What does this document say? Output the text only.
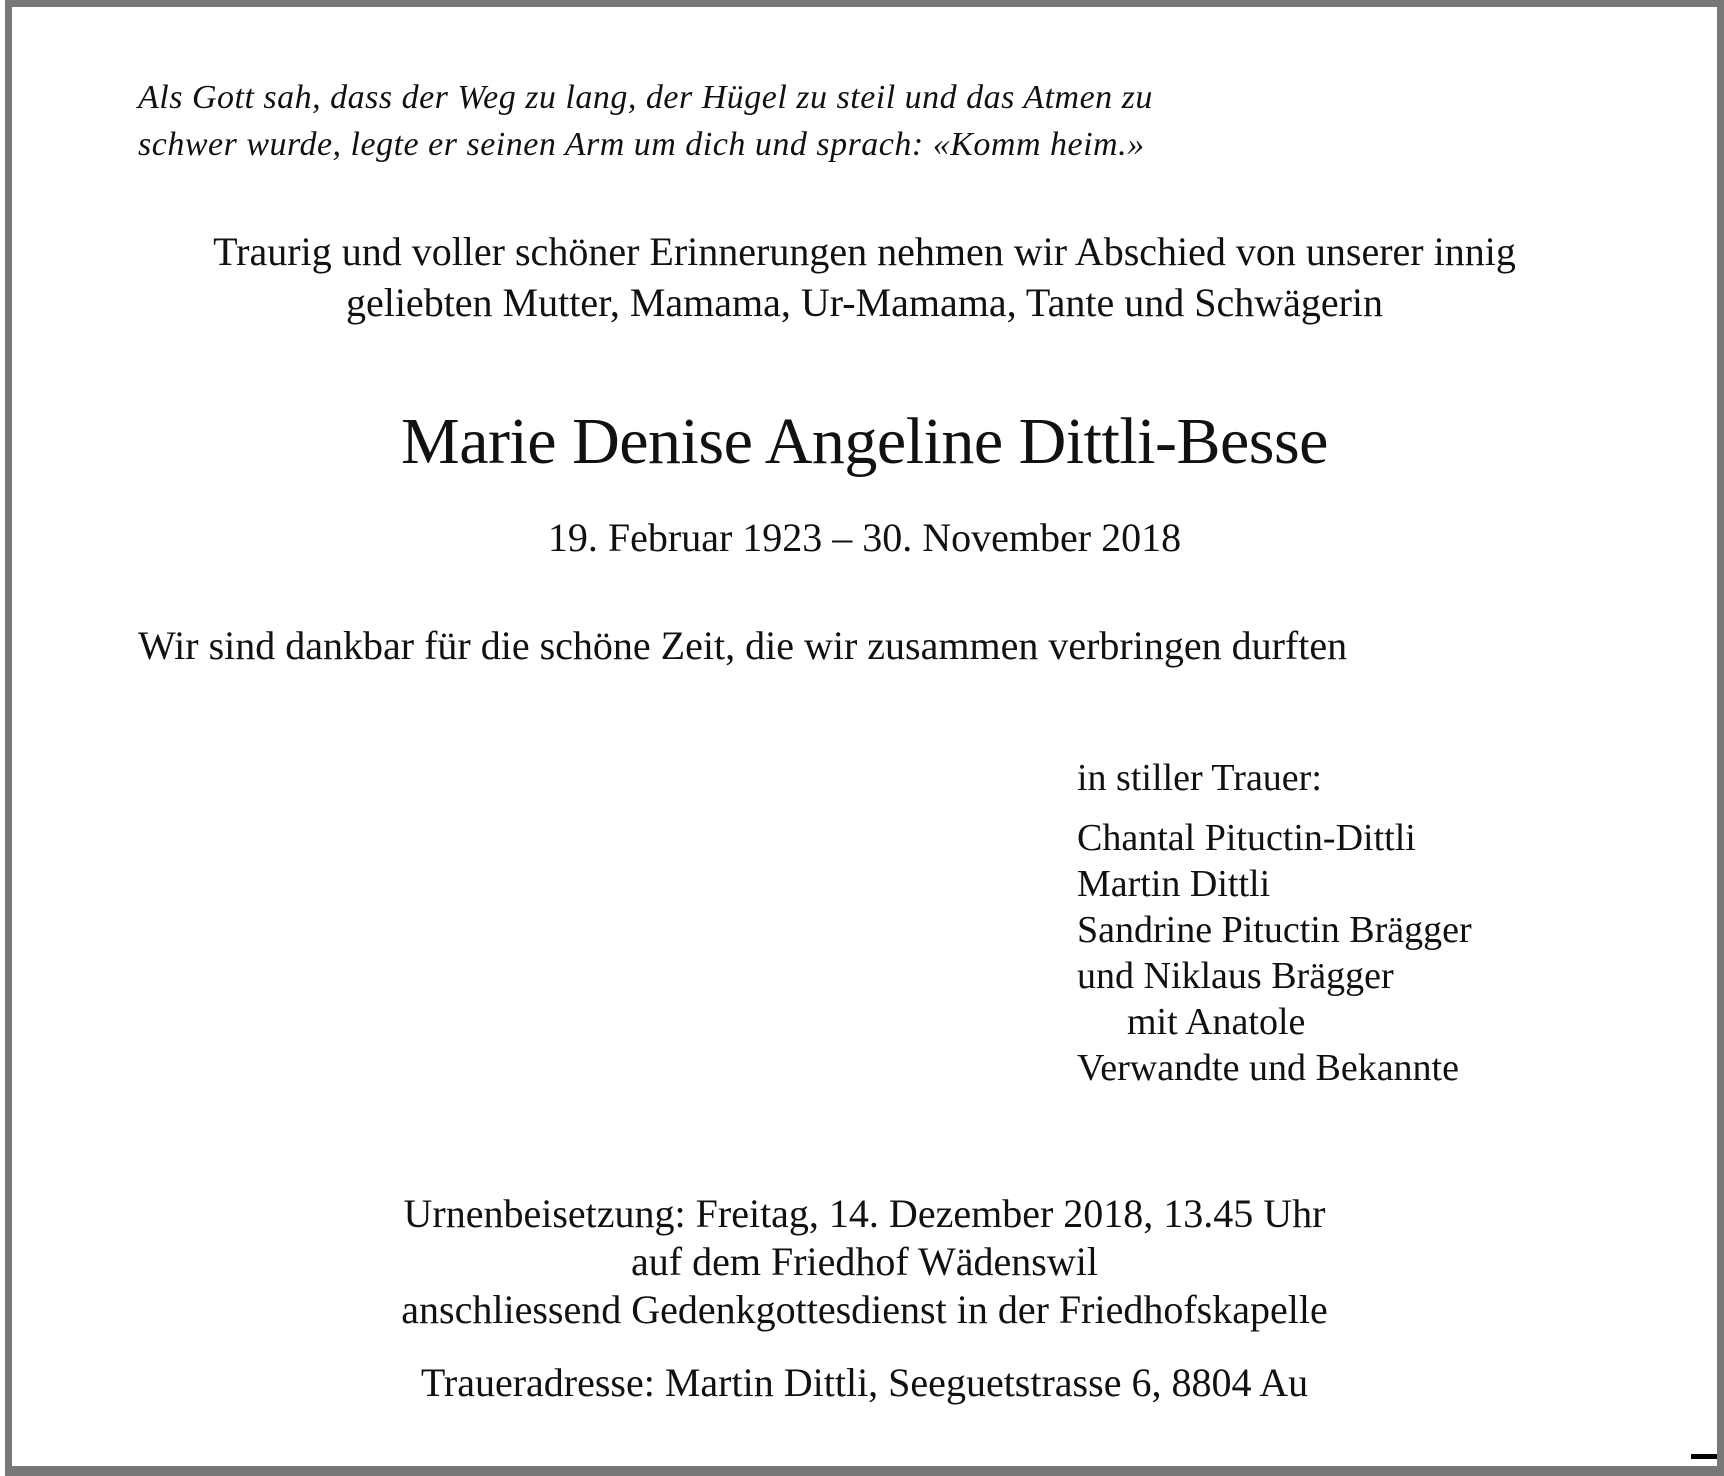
Als Gott sah, dass der Weg zu lang, der Hügel zu steil und das Atmen zu
schwer wurde, legte er seinen Arm um dich und sprach: «Komm heim.»
Traurig und voller schöner Erinnerungen nehmen wir Abschied von unserer innig
geliebten Mutter, Mamama, Ur-Mamama, Tante und Schwägerin
Marie Denise Angeline Dittli-Besse
19. Februar 1923 – 30. November 2018
Wir sind dankbar für die schöne Zeit, die wir zusammen verbringen durften
in stiller Trauer:
Chantal Pituctin-Dittli
Martin Dittli
Sandrine Pituctin Brägger
und Niklaus Brägger
mit Anatole
Verwandte und Bekannte
Urnenbeisetzung: Freitag, 14. Dezember 2018, 13.45 Uhr
auf dem Friedhof Wädenswil
anschliessend Gedenkgottesdienst in der Friedhofskapelle
Traueradresse: Martin Dittli, Seeguetstrasse 6, 8804 Au
